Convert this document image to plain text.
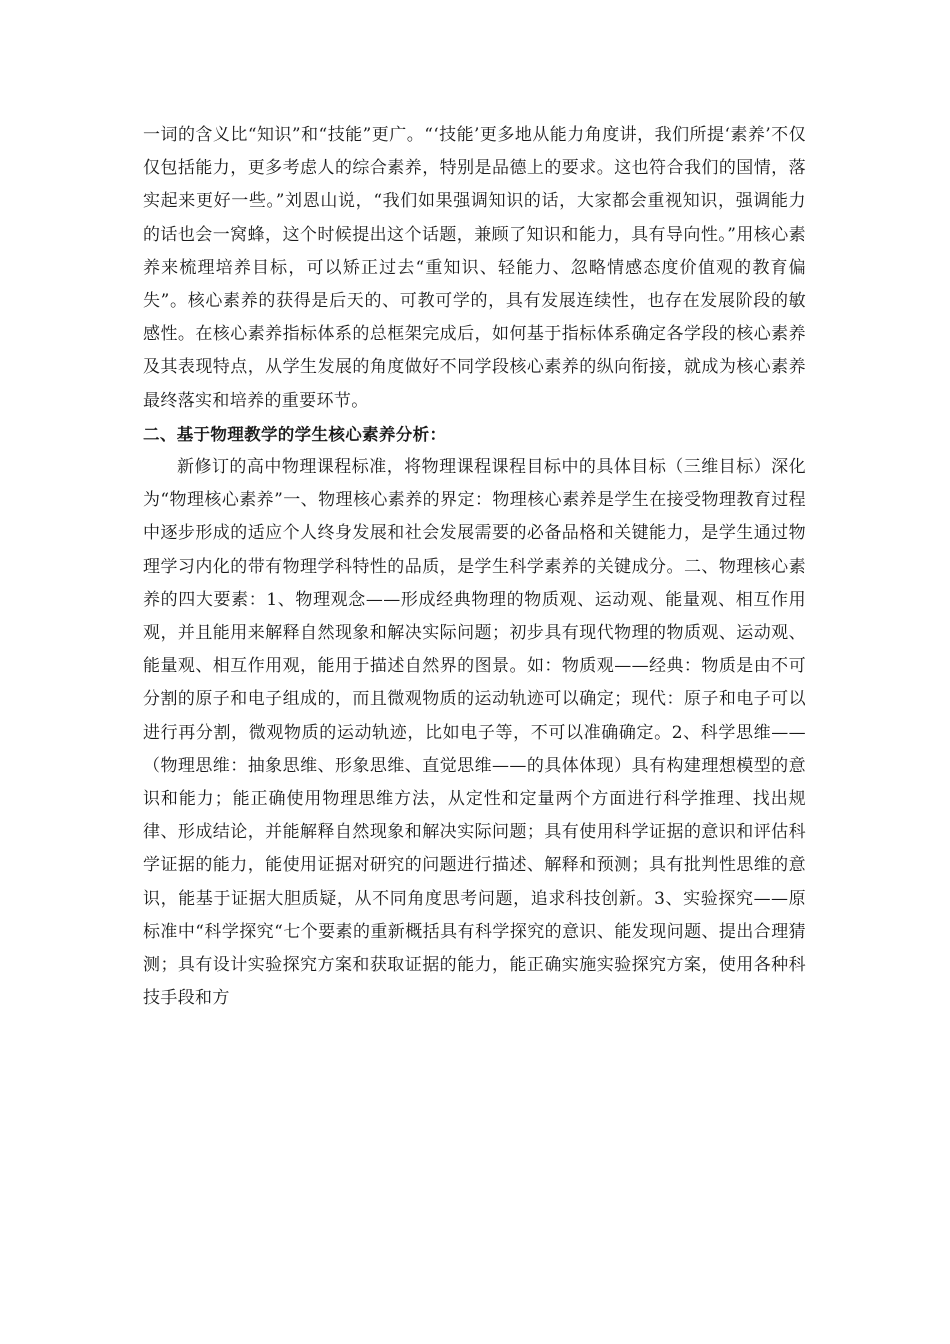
一词的含义比“知识”和“技能”更广。“‘技能’更多地从能力角度讲，我们所提‘素养’不仅仅包括能力，更多考虑人的综合素养，特别是品德上的要求。这也符合我们的国情，落实起来更好一些。”刘恩山说，“我们如果强调知识的话，大家都会重视知识，强调能力的话也会一窝蜂，这个时候提出这个话题，兼顾了知识和能力，具有导向性。”用核心素养来梳理培养目标，可以矫正过去“重知识、轻能力、忽略情感态度价值观的教育偏失”。核心素养的获得是后天的、可教可学的，具有发展连续性，也存在发展阶段的敏感性。在核心素养指标体系的总框架完成后，如何基于指标体系确定各学段的核心素养及其表现特点，从学生发展的角度做好不同学段核心素养的纵向衔接，就成为核心素养最终落实和培养的重要环节。

二、基于物理教学的学生核心素养分析：

新修订的高中物理课程标准，将物理课程课程目标中的具体目标（三维目标）深化为“物理核心素养”一、物理核心素养的界定：物理核心素养是学生在接受物理教育过程中逐步形成的适应个人终身发展和社会发展需要的必备品格和关键能力，是学生通过物理学习内化的带有物理学科特性的品质，是学生科学素养的关键成分。二、物理核心素养的四大要素：1、物理观念——形成经典物理的物质观、运动观、能量观、相互作用观，并且能用来解释自然现象和解决实际问题；初步具有现代物理的物质观、运动观、能量观、相互作用观，能用于描述自然界的图景。如：物质观——经典：物质是由不可分割的原子和电子组成的，而且微观物质的运动轨迹可以确定；现代：原子和电子可以进行再分割，微观物质的运动轨迹，比如电子等，不可以准确确定。2、科学思维——（物理思维：抽象思维、形象思维、直觉思维——的具体体现）具有构建理想模型的意识和能力；能正确使用物理思维方法，从定性和定量两个方面进行科学推理、找出规律、形成结论，并能解释自然现象和解决实际问题；具有使用科学证据的意识和评估科学证据的能力，能使用证据对研究的问题进行描述、解释和预测；具有批判性思维的意识，能基于证据大胆质疑，从不同角度思考问题，追求科技创新。3、实验探究——原标准中“科学探究“七个要素的重新概括具有科学探究的意识、能发现问题、提出合理猜测；具有设计实验探究方案和获取证据的能力，能正确实施实验探究方案，使用各种科技手段和方
